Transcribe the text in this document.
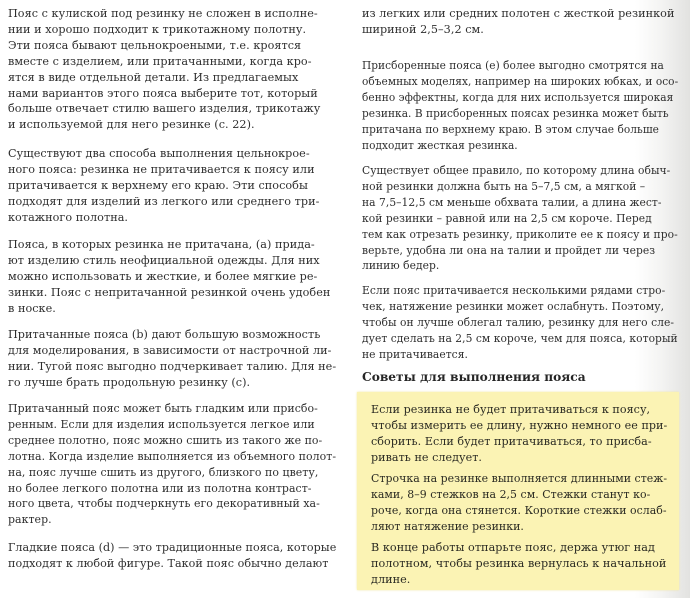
Пояс с кулиской под резинку не сложен в исполне-
нии и хорошо подходит к трикотажному полотну.
Эти пояса бывают цельнокроеными, т.е. кроятся
вместе с изделием, или притачанными, когда кро-
ятся в виде отдельной детали. Из предлагаемых
нами вариантов этого пояса выберите тот, который
больше отвечает стилю вашего изделия, трикотажу
и используемой для него резинке (с. 22).

Существуют два способа выполнения цельнокрое-
ного пояса: резинка не притачивается к поясу или
притачивается к верхнему его краю. Эти способы
подходят для изделий из легкого или среднего три-
котажного полотна.

Пояса, в которых резинка не притачана, (а) прида-
ют изделию стиль неофициальной одежды. Для них
можно использовать и жесткие, и более мягкие ре-
зинки. Пояс с непритачанной резинкой очень удобен
в носке.

Притачанные пояса (b) дают большую возможность
для моделирования, в зависимости от настрочной ли-
нии. Тугой пояс выгодно подчеркивает талию. Для не-
го лучше брать продольную резинку (с).

Притачанный пояс может быть гладким или присбо-
ренным. Если для изделия используется легкое или
среднее полотно, пояс можно сшить из такого же по-
лотна. Когда изделие выполняется из объемного полот-
на, пояс лучше сшить из другого, близкого по цвету,
но более легкого полотна или из полотна контраст-
ного цвета, чтобы подчеркнуть его декоративный ха-
рактер.

Гладкие пояса (d) — это традиционные пояса, которые
подходят к любой фигуре. Такой пояс обычно делают

из легких или средних полотен с жесткой резинкой
шириной 2,5–3,2 см.

Присборенные пояса (е) более выгодно смотрятся на
объемных моделях, например на широких юбках, и осо-
бенно эффектны, когда для них используется широкая
резинка. В присборенных поясах резинка может быть
притачана по верхнему краю. В этом случае больше
подходит жесткая резинка.

Существует общее правило, по которому длина обыч-
ной резинки должна быть на 5–7,5 см, а мягкой –
на 7,5–12,5 см меньше обхвата талии, а длина жест-
кой резинки – равной или на 2,5 см короче. Перед
тем как отрезать резинку, приколите ее к поясу и про-
верьте, удобна ли она на талии и пройдет ли через
линию бедер.

Если пояс притачивается несколькими рядами стро-
чек, натяжение резинки может ослабнуть. Поэтому,
чтобы он лучше облегал талию, резинку для него сле-
дует сделать на 2,5 см короче, чем для пояса, который
не притачивается.

Советы для выполнения пояса

Если резинка не будет притачиваться к поясу,
чтобы измерить ее длину, нужно немного ее при-
сборить. Если будет притачиваться, то присба-
ривать не следует.

Строчка на резинке выполняется длинными стеж-
ками, 8–9 стежков на 2,5 см. Стежки станут ко-
роче, когда она стянется. Короткие стежки ослаб-
ляют натяжение резинки.

В конце работы отпарьте пояс, держа утюг над
полотном, чтобы резинка вернулась к начальной
длине.
